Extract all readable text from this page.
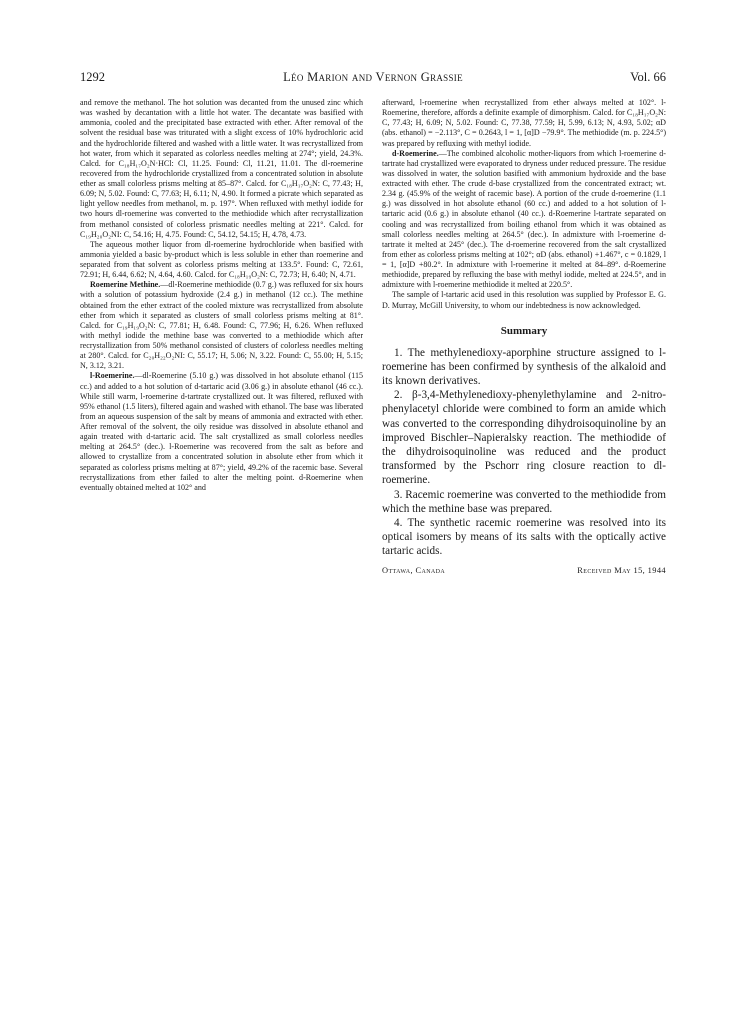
1292	Léo Marion and Vernon Grassie	Vol. 66

and remove the methanol. The hot solution was decanted from the unused zinc which was washed by decantation with a little hot water. The decantate was basified with ammonia, cooled and the precipitated base extracted with ether. After removal of the solvent the residual base was triturated with a slight excess of 10% hydrochloric acid and the hydrochloride filtered and washed with a little water. It was recrystallized from hot water, from which it separated as colorless needles melting at 274°; yield, 24.3%. Calcd. for C₁₈H₁₇O₂N·HCl: Cl, 11.25. Found: Cl, 11.21, 11.01. The dl-roemerine recovered from the hydrochloride crystallized from a concentrated solution in absolute ether as small colorless prisms melting at 85–87°. Calcd. for C₁₈H₁₇O₂N: C, 77.43; H, 6.09; N, 5.02. Found: C, 77.63; H, 6.11; N, 4.90. It formed a picrate which separated as light yellow needles from methanol, m. p. 197°. When refluxed with methyl iodide for two hours dl-roemerine was converted to the methiodide which after recrystallization from methanol consisted of colorless prismatic needles melting at 221°. Calcd. for C₁₉H₂₀O₂NI: C, 54.16; H, 4.75. Found: C, 54.12, 54.15; H, 4.78, 4.73.

The aqueous mother liquor from dl-roemerine hydrochloride when basified with ammonia yielded a basic by-product which is less soluble in ether than roemerine and separated from that solvent as colorless prisms melting at 133.5°. Found: C, 72.61, 72.91; H, 6.44, 6.62; N, 4.64, 4.60. Calcd. for C₁₈H₁₉O₂N: C, 72.73; H, 6.40; N, 4.71.

Roemerine Methine.—dl-Roemerine methiodide (0.7 g.) was refluxed for six hours with a solution of potassium hydroxide (2.4 g.) in methanol (12 cc.). The methine obtained from the ether extract of the cooled mixture was recrystallized from absolute ether from which it separated as clusters of small colorless prisms melting at 81°. Calcd. for C₁₉H₁₉O₂N: C, 77.81; H, 6.48. Found: C, 77.96; H, 6.26. When refluxed with methyl iodide the methine base was converted to a methiodide which after recrystallization from 50% methanol consisted of clusters of colorless needles melting at 280°. Calcd. for C₂₀H₂₂O₂NI: C, 55.17; H, 5.06; N, 3.22. Found: C, 55.00; H, 5.15; N, 3.12, 3.21.

l-Roemerine.—dl-Roemerine (5.10 g.) was dissolved in hot absolute ethanol (115 cc.) and added to a hot solution of d-tartaric acid (3.06 g.) in absolute ethanol (46 cc.). While still warm, l-roemerine d-tartrate crystallized out. It was filtered, refluxed with 95% ethanol (1.5 liters), filtered again and washed with ethanol. The base was liberated from an aqueous suspension of the salt by means of ammonia and extracted with ether. After removal of the solvent, the oily residue was dissolved in absolute ethanol and again treated with d-tartaric acid. The salt crystallized as small colorless needles melting at 264.5° (dec.). l-Roemerine was recovered from the salt as before and allowed to crystallize from a concentrated solution in absolute ether from which it separated as colorless prisms melting at 87°; yield, 49.2% of the racemic base. Several recrystallizations from ether failed to alter the melting point. d-Roemerine when eventually obtained melted at 102° and

afterward, l-roemerine when recrystallized from ether always melted at 102°. l-Roemerine, therefore, affords a definite example of dimorphism. Calcd. for C₁₈H₁₇O₂N: C, 77.43; H, 6.09; N, 5.02. Found: C, 77.38, 77.59; H, 5.99, 6.13; N, 4.93, 5.02; αD (abs. ethanol) = −2.113°, C = 0.2643, l = 1, [α]D −79.9°. The methiodide (m. p. 224.5°) was prepared by refluxing with methyl iodide.

d-Roemerine.—The combined alcoholic mother-liquors from which l-roemerine d-tartrate had crystallized were evaporated to dryness under reduced pressure. The residue was dissolved in water, the solution basified with ammonium hydroxide and the base extracted with ether. The crude d-base crystallized from the concentrated extract; wt. 2.34 g. (45.9% of the weight of racemic base). A portion of the crude d-roemerine (1.1 g.) was dissolved in hot absolute ethanol (60 cc.) and added to a hot solution of l-tartaric acid (0.6 g.) in absolute ethanol (40 cc.). d-Roemerine l-tartrate separated on cooling and was recrystallized from boiling ethanol from which it was obtained as small colorless needles melting at 264.5° (dec.). In admixture with l-roemerine d-tartrate it melted at 245° (dec.). The d-roemerine recovered from the salt crystallized from ether as colorless prisms melting at 102°; αD (abs. ethanol) +1.467°, c = 0.1829, l = 1, [α]D +80.2°. In admixture with l-roemerine it melted at 84–89°. d-Roemerine methiodide, prepared by refluxing the base with methyl iodide, melted at 224.5°, and in admixture with l-roemerine methiodide it melted at 220.5°.

The sample of l-tartaric acid used in this resolution was supplied by Professor E. G. D. Murray, McGill University, to whom our indebtedness is now acknowledged.

Summary

1. The methylenedioxy-aporphine structure assigned to l-roemerine has been confirmed by synthesis of the alkaloid and its known derivatives.

2. β-3,4-Methylenedioxy-phenylethylamine and 2-nitro-phenylacetyl chloride were combined to form an amide which was converted to the corresponding dihydroisoquinoline by an improved Bischler–Napieralsky reaction. The methiodide of the dihydroisoquinoline was reduced and the product transformed by the Pschorr ring closure reaction to dl-roemerine.

3. Racemic roemerine was converted to the methiodide from which the methine base was prepared.

4. The synthetic racemic roemerine was resolved into its optical isomers by means of its salts with the optically active tartaric acids.

Ottawa, Canada	Received May 15, 1944
